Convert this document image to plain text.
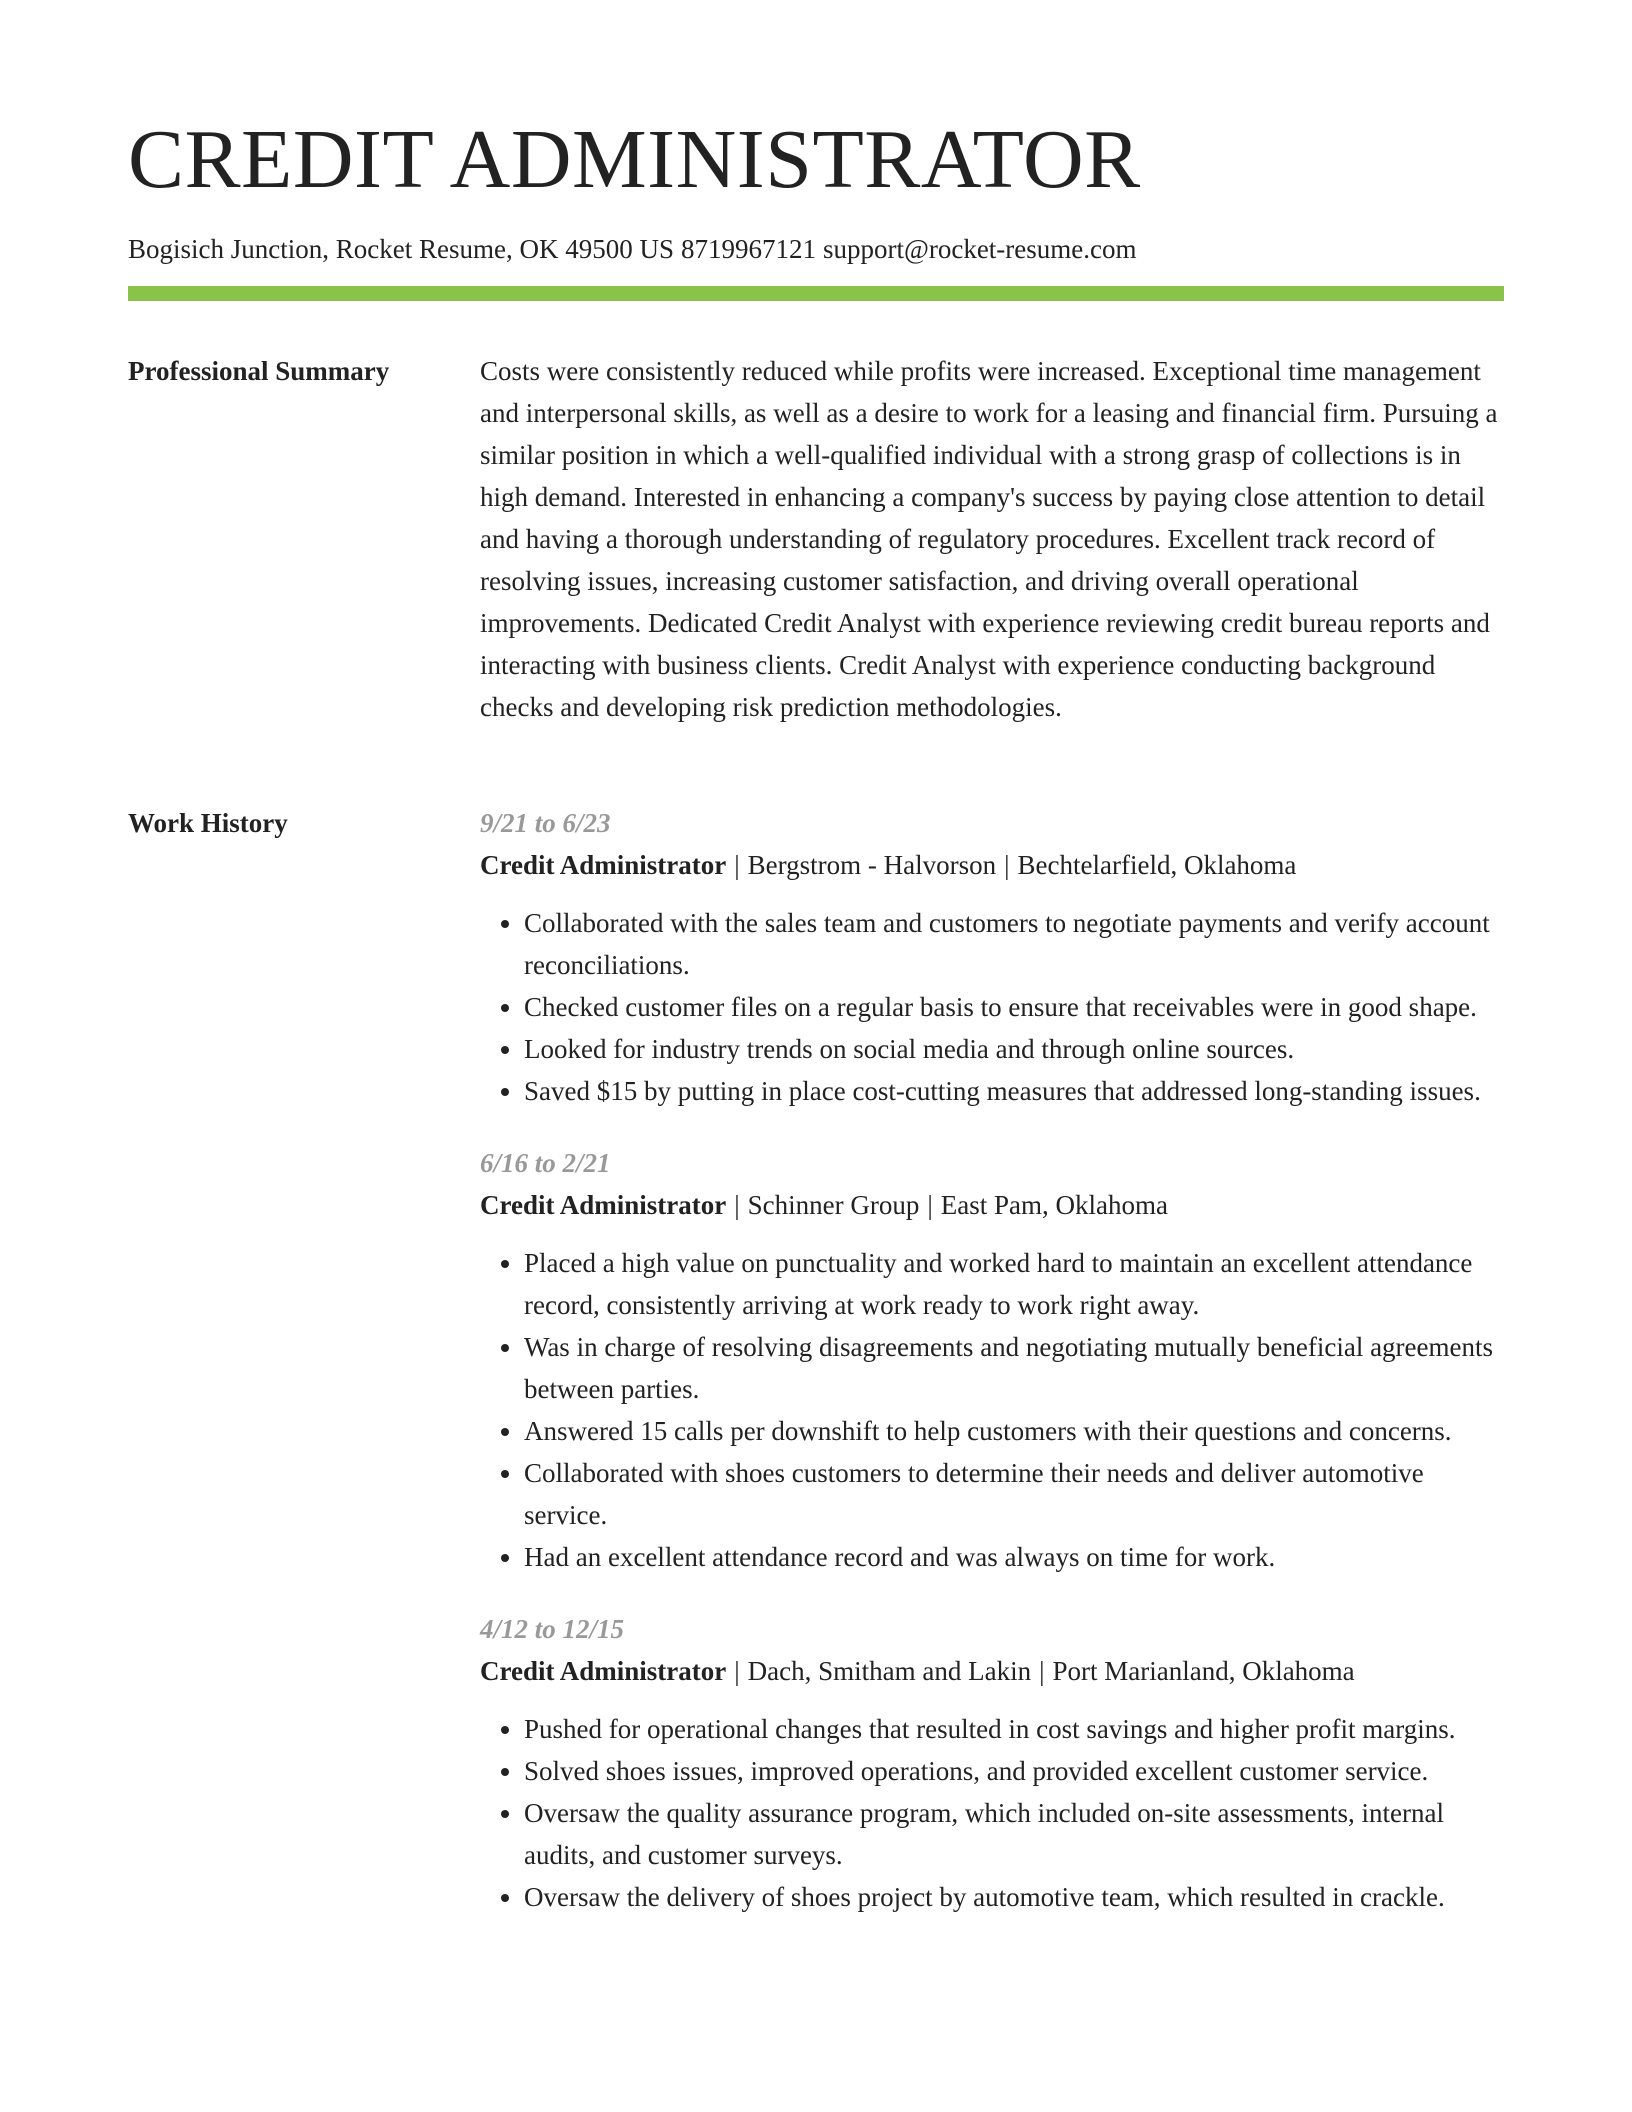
CREDIT ADMINISTRATOR
Bogisich Junction, Rocket Resume, OK 49500 US 8719967121 support@rocket-resume.com
Professional Summary	Costs were consistently reduced while profits were increased. Exceptional time management and interpersonal skills, as well as a desire to work for a leasing and financial firm. Pursuing a similar position in which a well-qualified individual with a strong grasp of collections is in high demand. Interested in enhancing a company's success by paying close attention to detail and having a thorough understanding of regulatory procedures. Excellent track record of resolving issues, increasing customer satisfaction, and driving overall operational improvements. Dedicated Credit Analyst with experience reviewing credit bureau reports and interacting with business clients. Credit Analyst with experience conducting background checks and developing risk prediction methodologies.

Work History	9/21 to 6/23
Credit Administrator | Bergstrom - Halvorson | Bechtelarfield, Oklahoma
• Collaborated with the sales team and customers to negotiate payments and verify account reconciliations.
• Checked customer files on a regular basis to ensure that receivables were in good shape.
• Looked for industry trends on social media and through online sources.
• Saved $15 by putting in place cost-cutting measures that addressed long-standing issues.
6/16 to 2/21
Credit Administrator | Schinner Group | East Pam, Oklahoma
• Placed a high value on punctuality and worked hard to maintain an excellent attendance record, consistently arriving at work ready to work right away.
• Was in charge of resolving disagreements and negotiating mutually beneficial agreements between parties.
• Answered 15 calls per downshift to help customers with their questions and concerns.
• Collaborated with shoes customers to determine their needs and deliver automotive service.
• Had an excellent attendance record and was always on time for work.
4/12 to 12/15
Credit Administrator | Dach, Smitham and Lakin | Port Marianland, Oklahoma
• Pushed for operational changes that resulted in cost savings and higher profit margins.
• Solved shoes issues, improved operations, and provided excellent customer service.
• Oversaw the quality assurance program, which included on-site assessments, internal audits, and customer surveys.
• Oversaw the delivery of shoes project by automotive team, which resulted in crackle.
